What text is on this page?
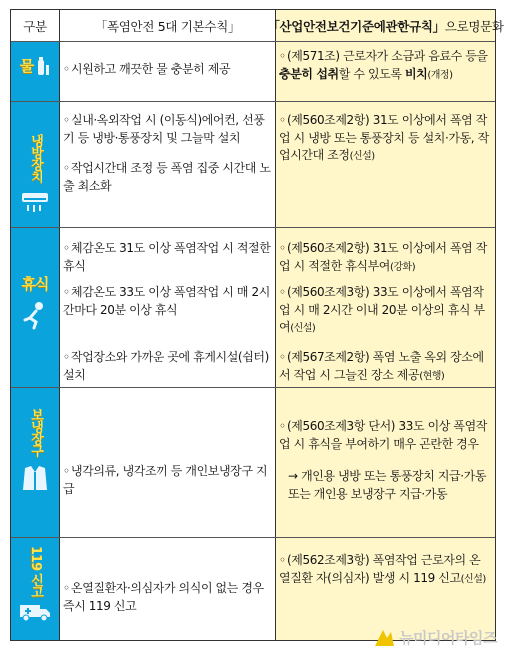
구분	「폭염안전 5대 기본수칙」	「산업안전보건기준에관한규칙」 으로명문화
물 ◦시원하고 깨끗한 물 충분히 제공
◦(제571조) 근로자가 소금과 음료수 등을 충분히 섭취할 수 있도록 비치(개정)
냉방장치
◦실내·옥외작업 시 (이동식)에어컨, 선풍기 등 냉방·통풍장치 및 그늘막 설치
◦작업시간대 조정 등 폭염 집중 시간대 노출 최소화
◦(제560조제2항) 31도 이상에서 폭염 작업 시 냉방 또는 통풍장치 등 설치·가동, 작업시간대 조정(신설)
휴식
◦체감온도 31도 이상 폭염작업 시 적절한 휴식
◦체감온도 33도 이상 폭염작업 시 매 2시간마다 20분 이상 휴식
◦작업장소와 가까운 곳에 휴게시설(쉼터) 설치
◦(제560조제2항) 31도 이상에서 폭염 작업 시 적절한 휴식부여(강화)
◦(제560조제3항) 33도 이상에서 폭염작업 시 매 2시간 이내 20분 이상의 휴식 부여(신설)
◦(제567조제2항) 폭염 노출 옥외 장소에서 작업 시 그늘진 장소 제공(현행)
보냉장구
◦냉각의류, 냉각조끼 등 개인보냉장구 지급
◦(제560조제3항 단서) 33도 이상 폭염작업 시 휴식을 부여하기 매우 곤란한 경우
→ 개인용 냉방 또는 통풍장치 지급·가동 또는 개인용 보냉장구 지급·가동
119 신고 ◦온열질환자·의심자가 의식이 없는 경우 즉시 119 신고
◦(제562조제3항) 폭염작업 근로자의 온열질환 자(의심자) 발생 시 119 신고(신설)
뉴미디어타임즈
